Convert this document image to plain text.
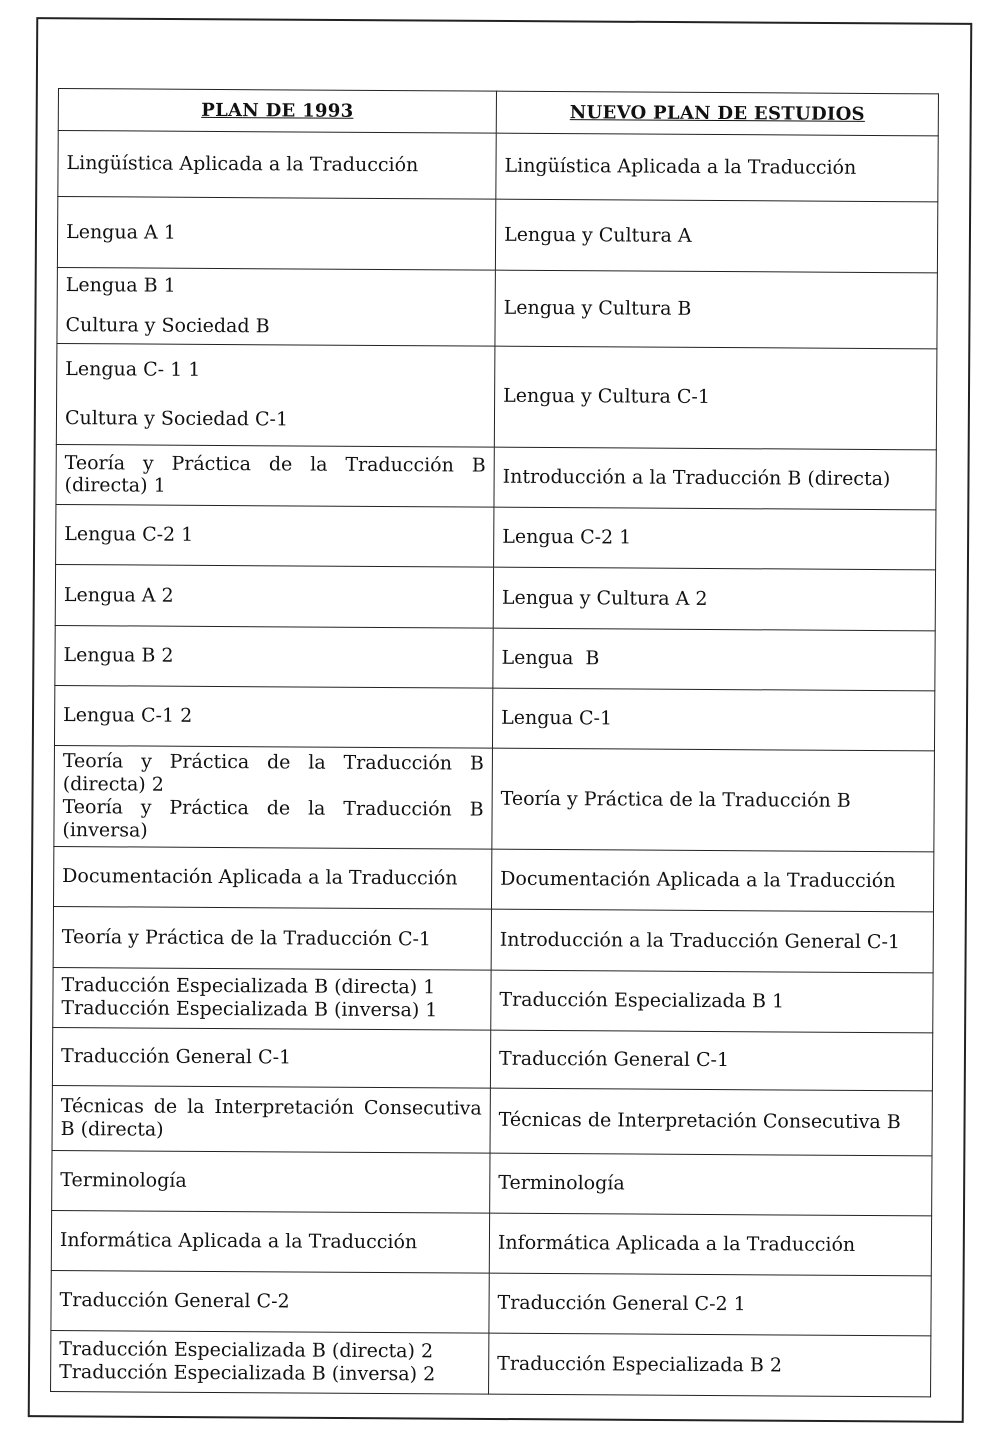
PLAN DE 1993	NUEVO PLAN DE ESTUDIOS

Lingüística Aplicada a la Traducción	Lingüística Aplicada a la Traducción

Lengua A 1	Lengua y Cultura A

Lengua B 1
Cultura y Sociedad B	Lengua y Cultura B

Lengua C- 1 1
Cultura y Sociedad C-1	Lengua y Cultura C-1

Teoría y Práctica de la Traducción B
(directa) 1	Introducción a la Traducción B (directa)

Lengua C-2 1	Lengua C-2 1

Lengua A 2	Lengua y Cultura A 2

Lengua B 2	Lengua  B

Lengua C-1 2	Lengua C-1

Teoría y Práctica de la Traducción B
(directa) 2
Teoría y Práctica de la Traducción B
(inversa)	Teoría y Práctica de la Traducción B

Documentación Aplicada a la Traducción	Documentación Aplicada a la Traducción

Teoría y Práctica de la Traducción C-1	Introducción a la Traducción General C-1

Traducción Especializada B (directa) 1
Traducción Especializada B (inversa) 1	Traducción Especializada B 1

Traducción General C-1	Traducción General C-1

Técnicas de la Interpretación Consecutiva
B (directa)	Técnicas de Interpretación Consecutiva B

Terminología	Terminología

Informática Aplicada a la Traducción	Informática Aplicada a la Traducción

Traducción General C-2	Traducción General C-2 1

Traducción Especializada B (directa) 2
Traducción Especializada B (inversa) 2	Traducción Especializada B 2
